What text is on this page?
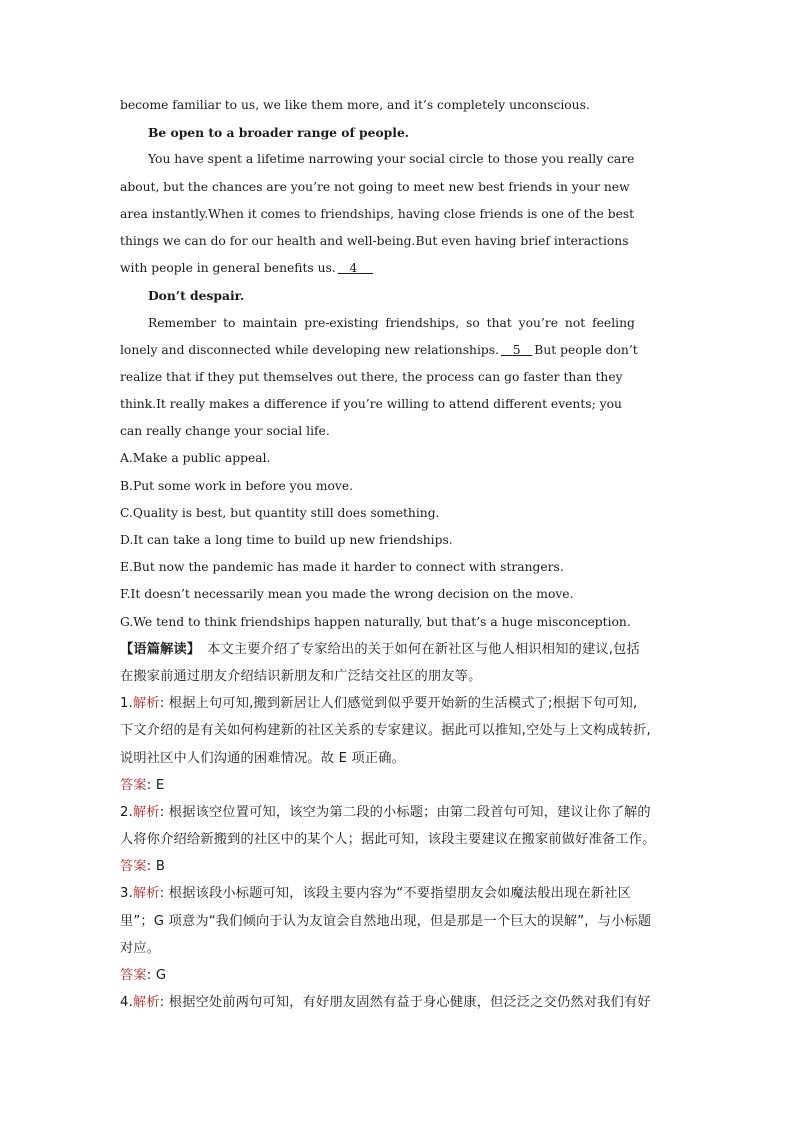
become familiar to us, we like them more, and it’s completely unconscious.
Be open to a broader range of people.
You have spent a lifetime narrowing your social circle to those you really care
about, but the chances are you’re not going to meet new best friends in your new
area instantly.When it comes to friendships, having close friends is one of the best
things we can do for our health and well-being.But even having brief interactions
with people in general benefits us. 4
Don’t despair.
Remember to maintain pre-existing friendships, so that you’re not feeling
lonely and disconnected while developing new relationships. 5 But people don’t
realize that if they put themselves out there, the process can go faster than they
think.It really makes a difference if you’re willing to attend different events; you
can really change your social life.
A.Make a public appeal.
B.Put some work in before you move.
C.Quality is best, but quantity still does something.
D.It can take a long time to build up new friendships.
E.But now the pandemic has made it harder to connect with strangers.
F.It doesn’t necessarily mean you made the wrong decision on the move.
G.We tend to think friendships happen naturally, but that’s a huge misconception.
【语篇解读】　本文主要介绍了专家给出的关于如何在新社区与他人相识相知的建议,包括
在搬家前通过朋友介绍结识新朋友和广泛结交社区的朋友等。
1.解析: 根据上句可知,搬到新居让人们感觉到似乎要开始新的生活模式了;根据下句可知,
下文介绍的是有关如何构建新的社区关系的专家建议。据此可以推知,空处与上文构成转折,
说明社区中人们沟通的困难情况。故 E 项正确。
答案: E
2.解析: 根据该空位置可知，该空为第二段的小标题；由第二段首句可知，建议让你了解的
人将你介绍给新搬到的社区中的某个人；据此可知，该段主要建议在搬家前做好准备工作。
答案: B
3.解析: 根据该段小标题可知，该段主要内容为“不要指望朋友会如魔法般出现在新社区
里”；G 项意为“我们倾向于认为友谊会自然地出现，但是那是一个巨大的误解”，与小标题
对应。
答案: G
4.解析: 根据空处前两句可知，有好朋友固然有益于身心健康，但泛泛之交仍然对我们有好
